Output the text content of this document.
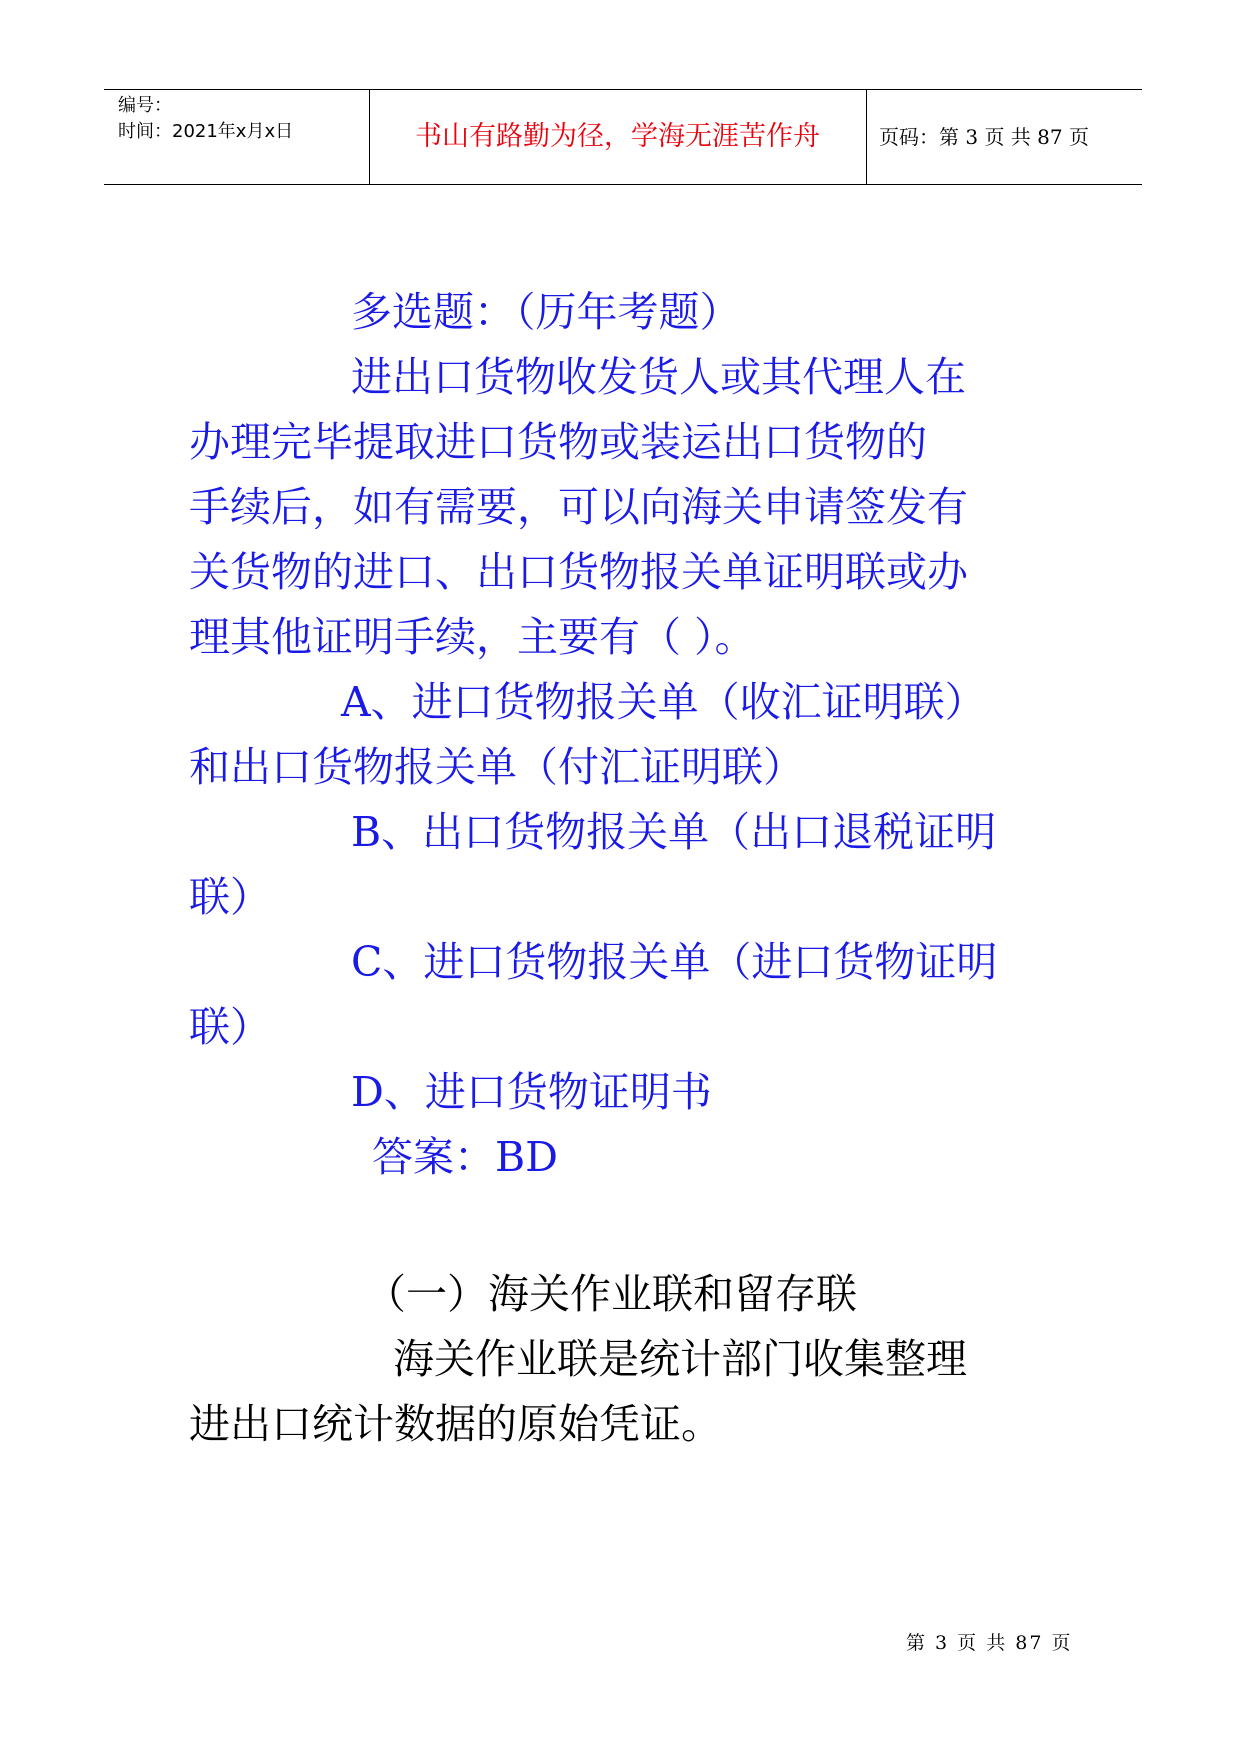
编号：
时间：2021年x月x日	书山有路勤为径，学海无涯苦作舟	页码：第 3 页 共 87 页
多选题：（历年考题）
进出口货物收发货人或其代理人在
办理完毕提取进口货物或装运出口货物的
手续后，如有需要，可以向海关申请签发有
关货物的进口、出口货物报关单证明联或办
理其他证明手续，主要有（ ）。
A、进口货物报关单（收汇证明联）
和出口货物报关单（付汇证明联）
B、出口货物报关单（出口退税证明
联）
C、进口货物报关单（进口货物证明
联）
D、进口货物证明书
答案：BD
（一）海关作业联和留存联
海关作业联是统计部门收集整理
进出口统计数据的原始凭证。
第 3 页 共 87 页
